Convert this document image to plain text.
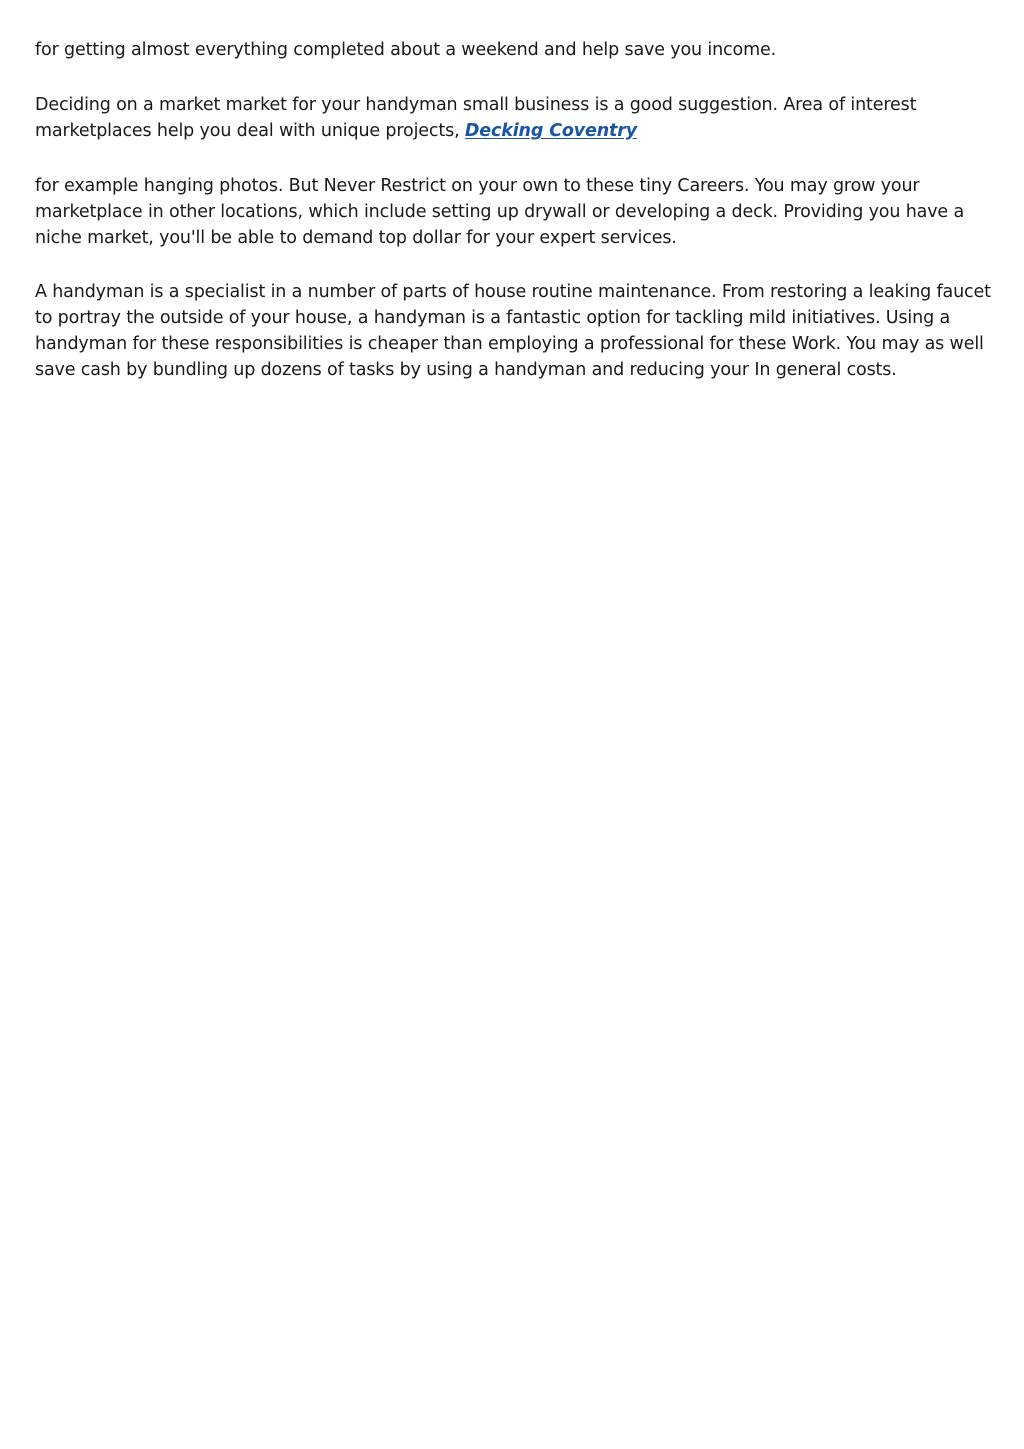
for getting almost everything completed about a weekend and help save you income.

Deciding on a market market for your handyman small business is a good suggestion. Area of interest marketplaces help you deal with unique projects, Decking Coventry

for example hanging photos. But Never Restrict on your own to these tiny Careers. You may grow your marketplace in other locations, which include setting up drywall or developing a deck. Providing you have a niche market, you'll be able to demand top dollar for your expert services.

A handyman is a specialist in a number of parts of house routine maintenance. From restoring a leaking faucet to portray the outside of your house, a handyman is a fantastic option for tackling mild initiatives. Using a handyman for these responsibilities is cheaper than employing a professional for these Work. You may as well save cash by bundling up dozens of tasks by using a handyman and reducing your In general costs.
